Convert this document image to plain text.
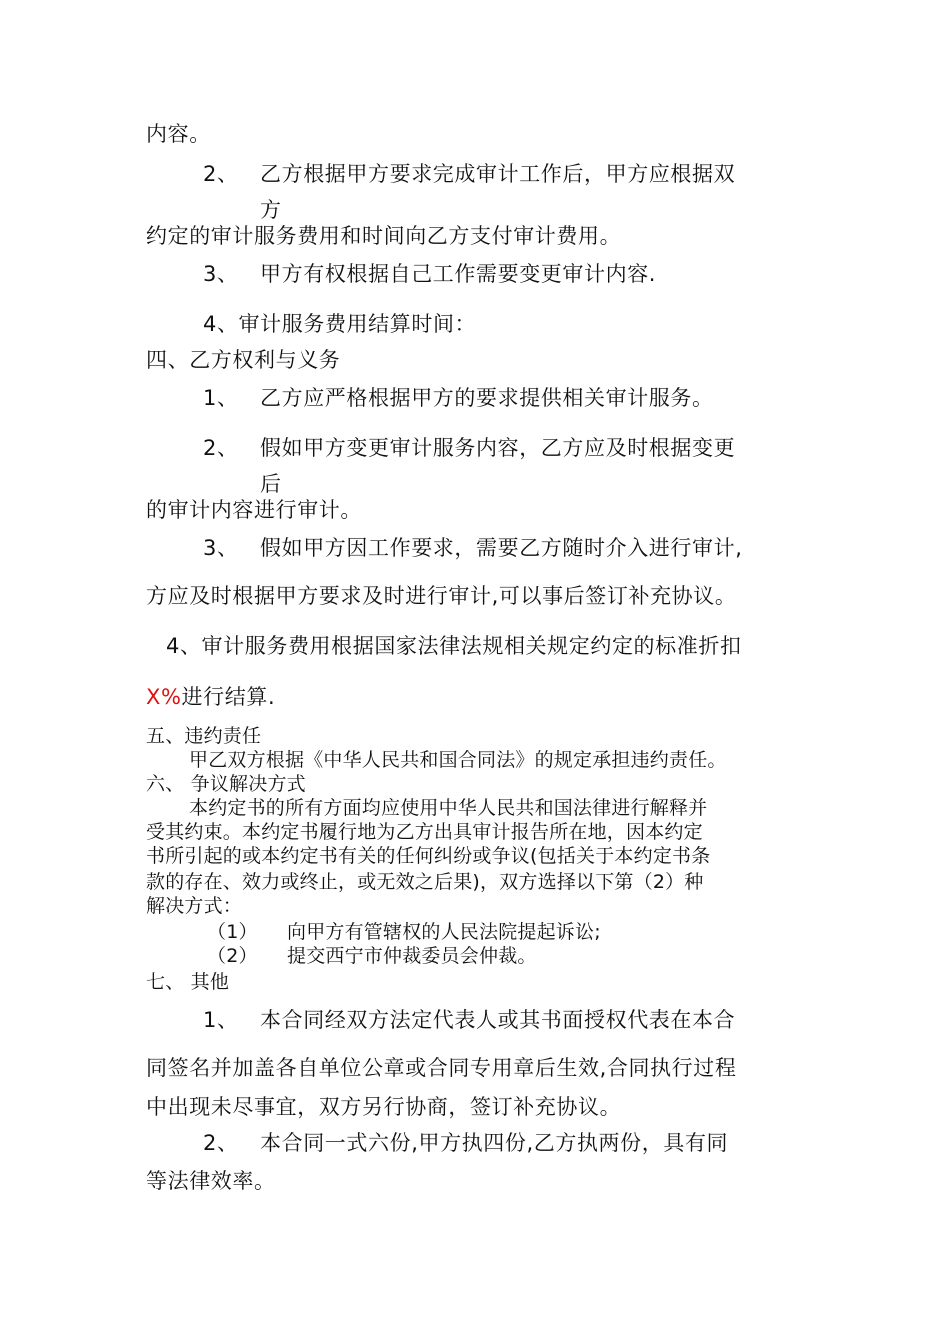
内容。
2、 乙方根据甲方要求完成审计工作后，甲方应根据双
方
约定的审计服务费用和时间向乙方支付审计费用。
3、 甲方有权根据自己工作需要变更审计内容.
4、审计服务费用结算时间：
四、乙方权利与义务
1、 乙方应严格根据甲方的要求提供相关审计服务。
2、 假如甲方变更审计服务内容，乙方应及时根据变更
后
的审计内容进行审计。
3、 假如甲方因工作要求，需要乙方随时介入进行审计,
方应及时根据甲方要求及时进行审计,可以事后签订补充协议。
4、审计服务费用根据国家法律法规相关规定约定的标准折扣
X%进行结算.
五、违约责任
甲乙双方根据《中华人民共和国合同法》的规定承担违约责任。
六、 争议解决方式
本约定书的所有方面均应使用中华人民共和国法律进行解释并
受其约束。本约定书履行地为乙方出具审计报告所在地，因本约定
书所引起的或本约定书有关的任何纠纷或争议(包括关于本约定书条
款的存在、效力或终止，或无效之后果)，双方选择以下第（2）种
解决方式：
（1） 向甲方有管辖权的人民法院提起诉讼;
（2） 提交西宁市仲裁委员会仲裁。
七、 其他
1、 本合同经双方法定代表人或其书面授权代表在本合
同签名并加盖各自单位公章或合同专用章后生效,合同执行过程
中出现未尽事宜，双方另行协商，签订补充协议。
2、 本合同一式六份,甲方执四份,乙方执两份，具有同
等法律效率。
